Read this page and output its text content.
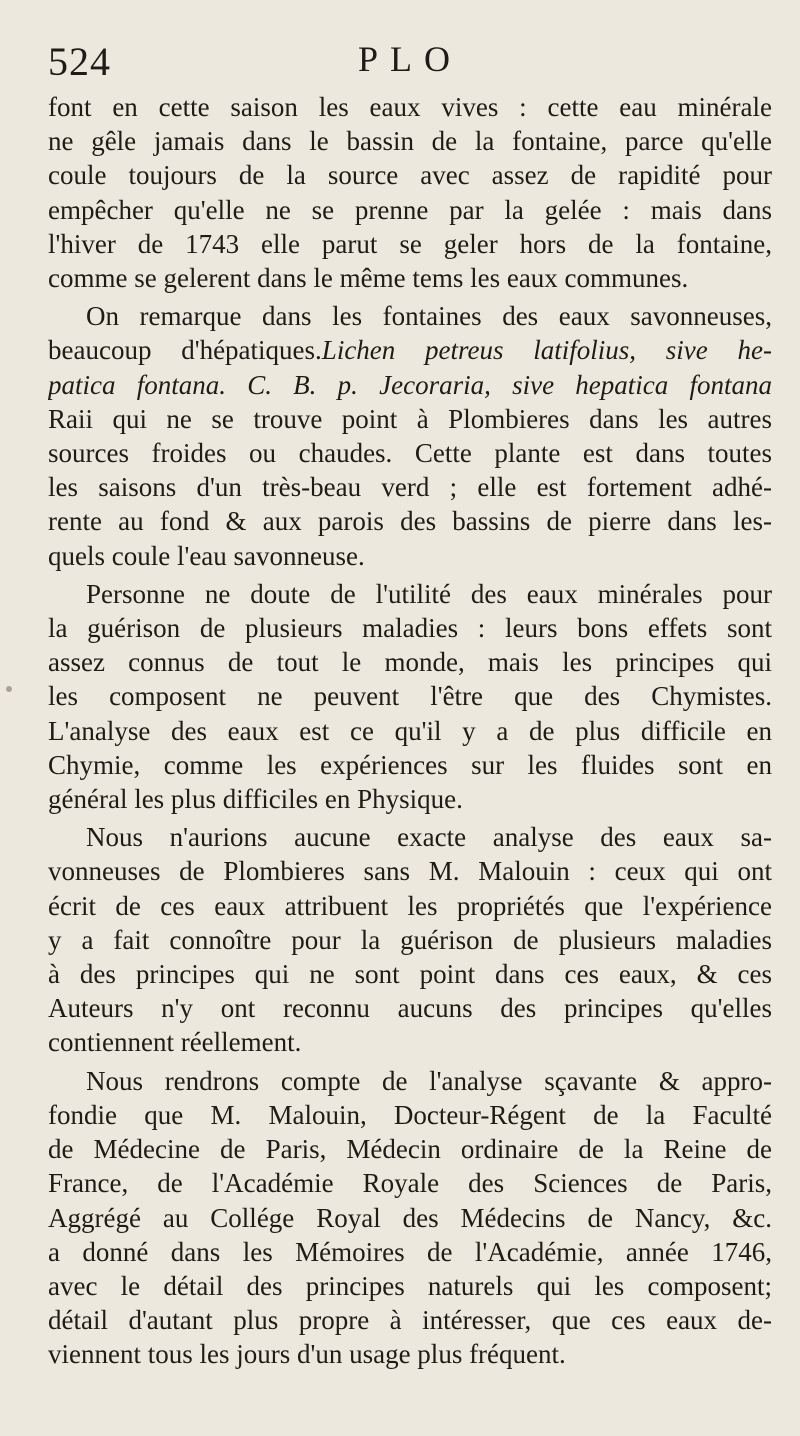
524	PLO
font en cette saison les eaux vives : cette eau minérale
ne gêle jamais dans le bassin de la fontaine, parce qu'elle
coule toujours de la source avec assez de rapidité pour
empêcher qu'elle ne se prenne par la gelée : mais dans
l'hiver de 1743 elle parut se geler hors de la fontaine,
comme se gelerent dans le même tems les eaux communes.
On remarque dans les fontaines des eaux savonneuses,
beaucoup d'hépatiques.Lichen petreus latifolius, sive he-
patica fontana. C. B. p. Jecoraria, sive hepatica fontana
Raii qui ne se trouve point à Plombieres dans les autres
sources froides ou chaudes. Cette plante est dans toutes
les saisons d'un très-beau verd ; elle est fortement adhé-
rente au fond & aux parois des bassins de pierre dans les-
quels coule l'eau savonneuse.
Personne ne doute de l'utilité des eaux minérales pour
la guérison de plusieurs maladies : leurs bons effets sont
assez connus de tout le monde, mais les principes qui
les composent ne peuvent l'être que des Chymistes.
L'analyse des eaux est ce qu'il y a de plus difficile en
Chymie, comme les expériences sur les fluides sont en
général les plus difficiles en Physique.
Nous n'aurions aucune exacte analyse des eaux sa-
vonneuses de Plombieres sans M. Malouin : ceux qui ont
écrit de ces eaux attribuent les propriétés que l'expérience
y a fait connoître pour la guérison de plusieurs maladies
à des principes qui ne sont point dans ces eaux, & ces
Auteurs n'y ont reconnu aucuns des principes qu'elles
contiennent réellement.
Nous rendrons compte de l'analyse sçavante & appro-
fondie que M. Malouin, Docteur-Régent de la Faculté
de Médecine de Paris, Médecin ordinaire de la Reine de
France, de l'Académie Royale des Sciences de Paris,
Aggrégé au Collége Royal des Médecins de Nancy, &c.
a donné dans les Mémoires de l'Académie, année 1746,
avec le détail des principes naturels qui les composent;
détail d'autant plus propre à intéresser, que ces eaux de-
viennent tous les jours d'un usage plus fréquent.
